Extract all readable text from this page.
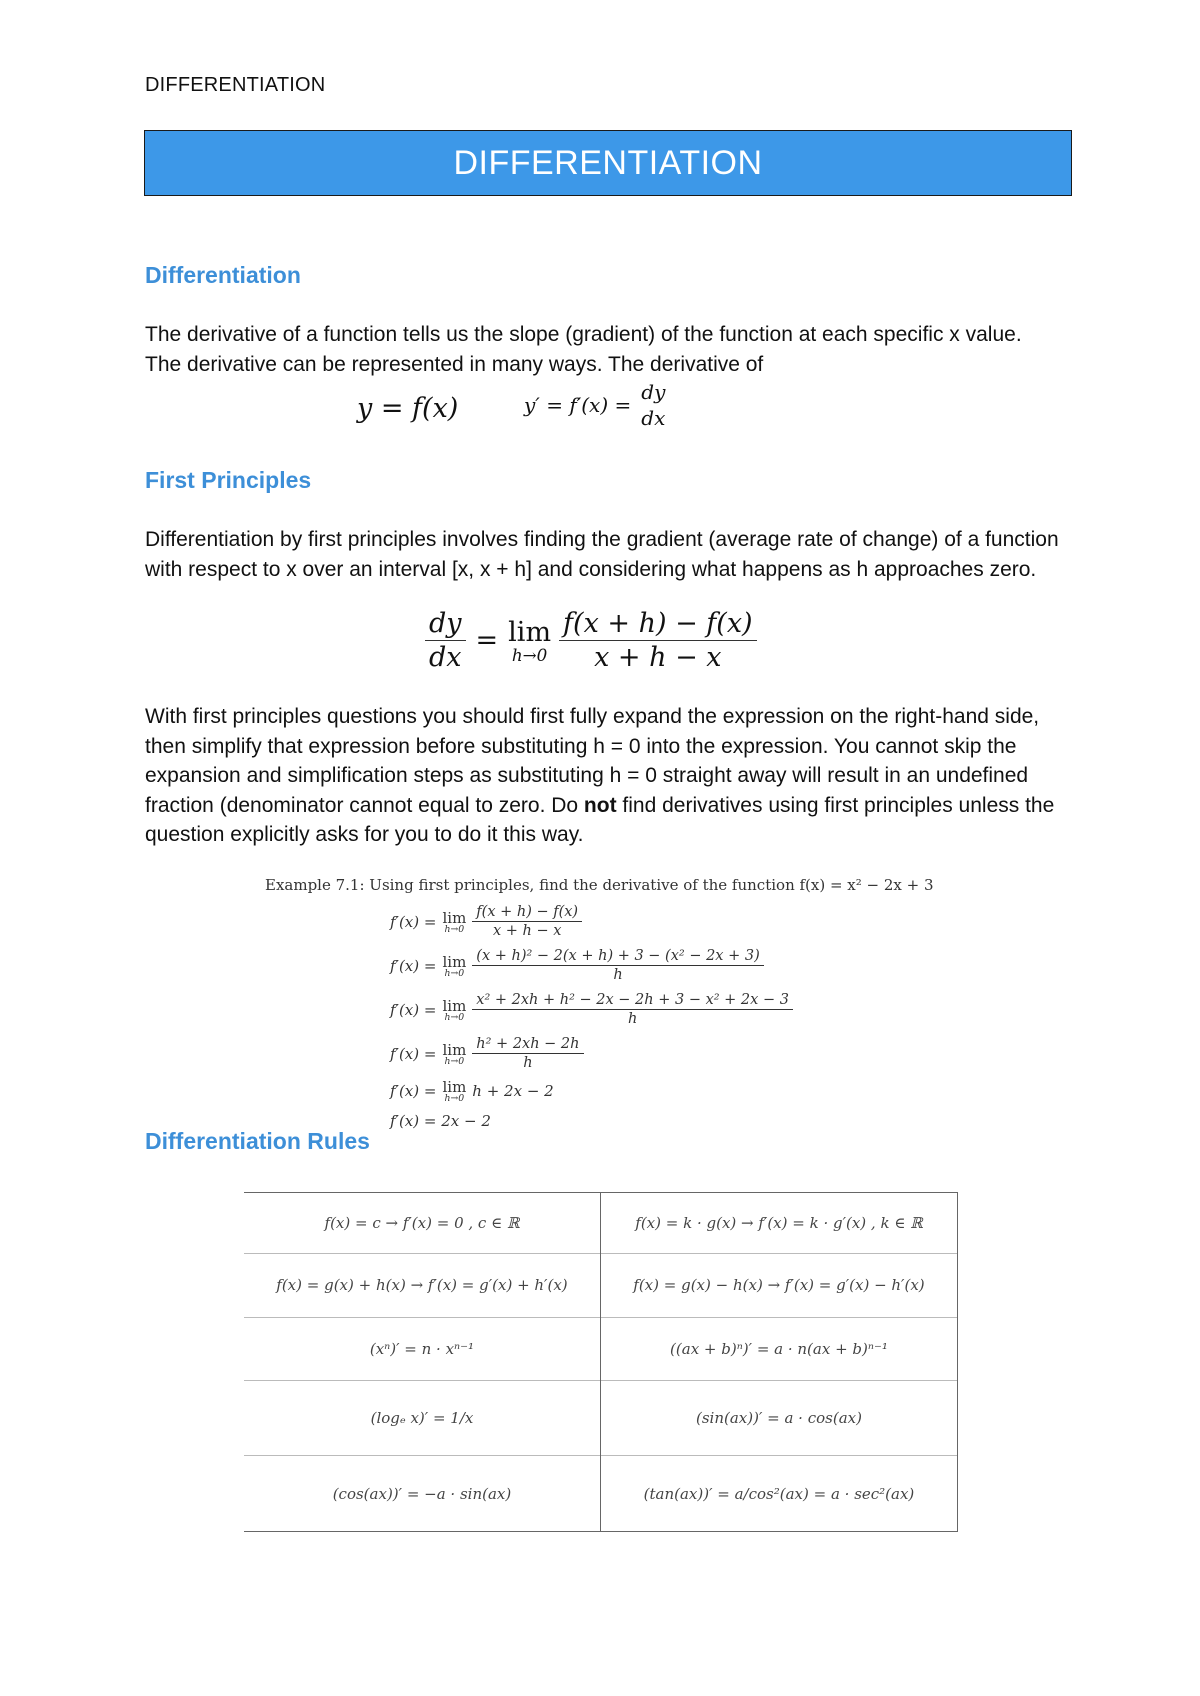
DIFFERENTIATION
DIFFERENTIATION
Differentiation
The derivative of a function tells us the slope (gradient) of the function at each specific x value. The derivative can be represented in many ways. The derivative of
y = f(x)	y′ = f′(x) =
dy
dx
First Principles
Differentiation by first principles involves finding the gradient (average rate of change) of a function with respect to x over an interval [x, x + h] and considering what happens as h approaches zero.
$\frac{dy}{dx} = \lim$
$h\to 0 \frac{f(x + h) - f(x)}{x + h - x}$
With first principles questions you should first fully expand the expression on the right-hand side, then simplify that expression before substituting h = 0 into the expression. You cannot skip the expansion and simplification steps as substituting h = 0 straight away will result in an undefined fraction (denominator cannot equal to zero. Do not find derivatives using first principles unless the question explicitly asks for you to do it this way.
Example 7.1: Using first principles, find the derivative of the function f(x) = x² − 2x + 3
f′(x) = lim
$h\to 0 \frac{f(x + h) - f(x)}{x + h - x}$
f′(x) = lim
$h\to 0 \frac{\text{(x + h)² − 2(x + h) + 3 − (x² − 2x + 3)}}{h}$
f′(x) = lim
$h\to 0 \frac{\text{x² + 2xh + h² − 2x − 2h + 3 − x² + 2x − 3}}{h}$
f′(x) = lim
$h\to 0 \frac{\text{h² + 2xh − 2h}}{h}$
f′(x) = lim
h→0 h + 2x − 2
f′(x) = 2x − 2
Differentiation Rules
f(x) = c → f′(x) = 0 , c ∈ ℝ	f(x) = k · g(x) → f′(x) = k · g′(x) , k ∈ ℝ
f(x) = g(x) + h(x) → f′(x) = g′(x) + h′(x)	f(x) = g(x) − h(x) → f′(x) = g′(x) − h′(x)
(xⁿ)′ = n · xⁿ⁻¹	((ax + b)ⁿ)′ = a · n(ax + b)ⁿ⁻¹
(logₑ x)′ = 1/x	(sin(ax))′ = a · cos(ax)
(cos(ax))′ = −a · sin(ax)	(tan(ax))′ = a/cos²(ax) = a · sec²(ax)
